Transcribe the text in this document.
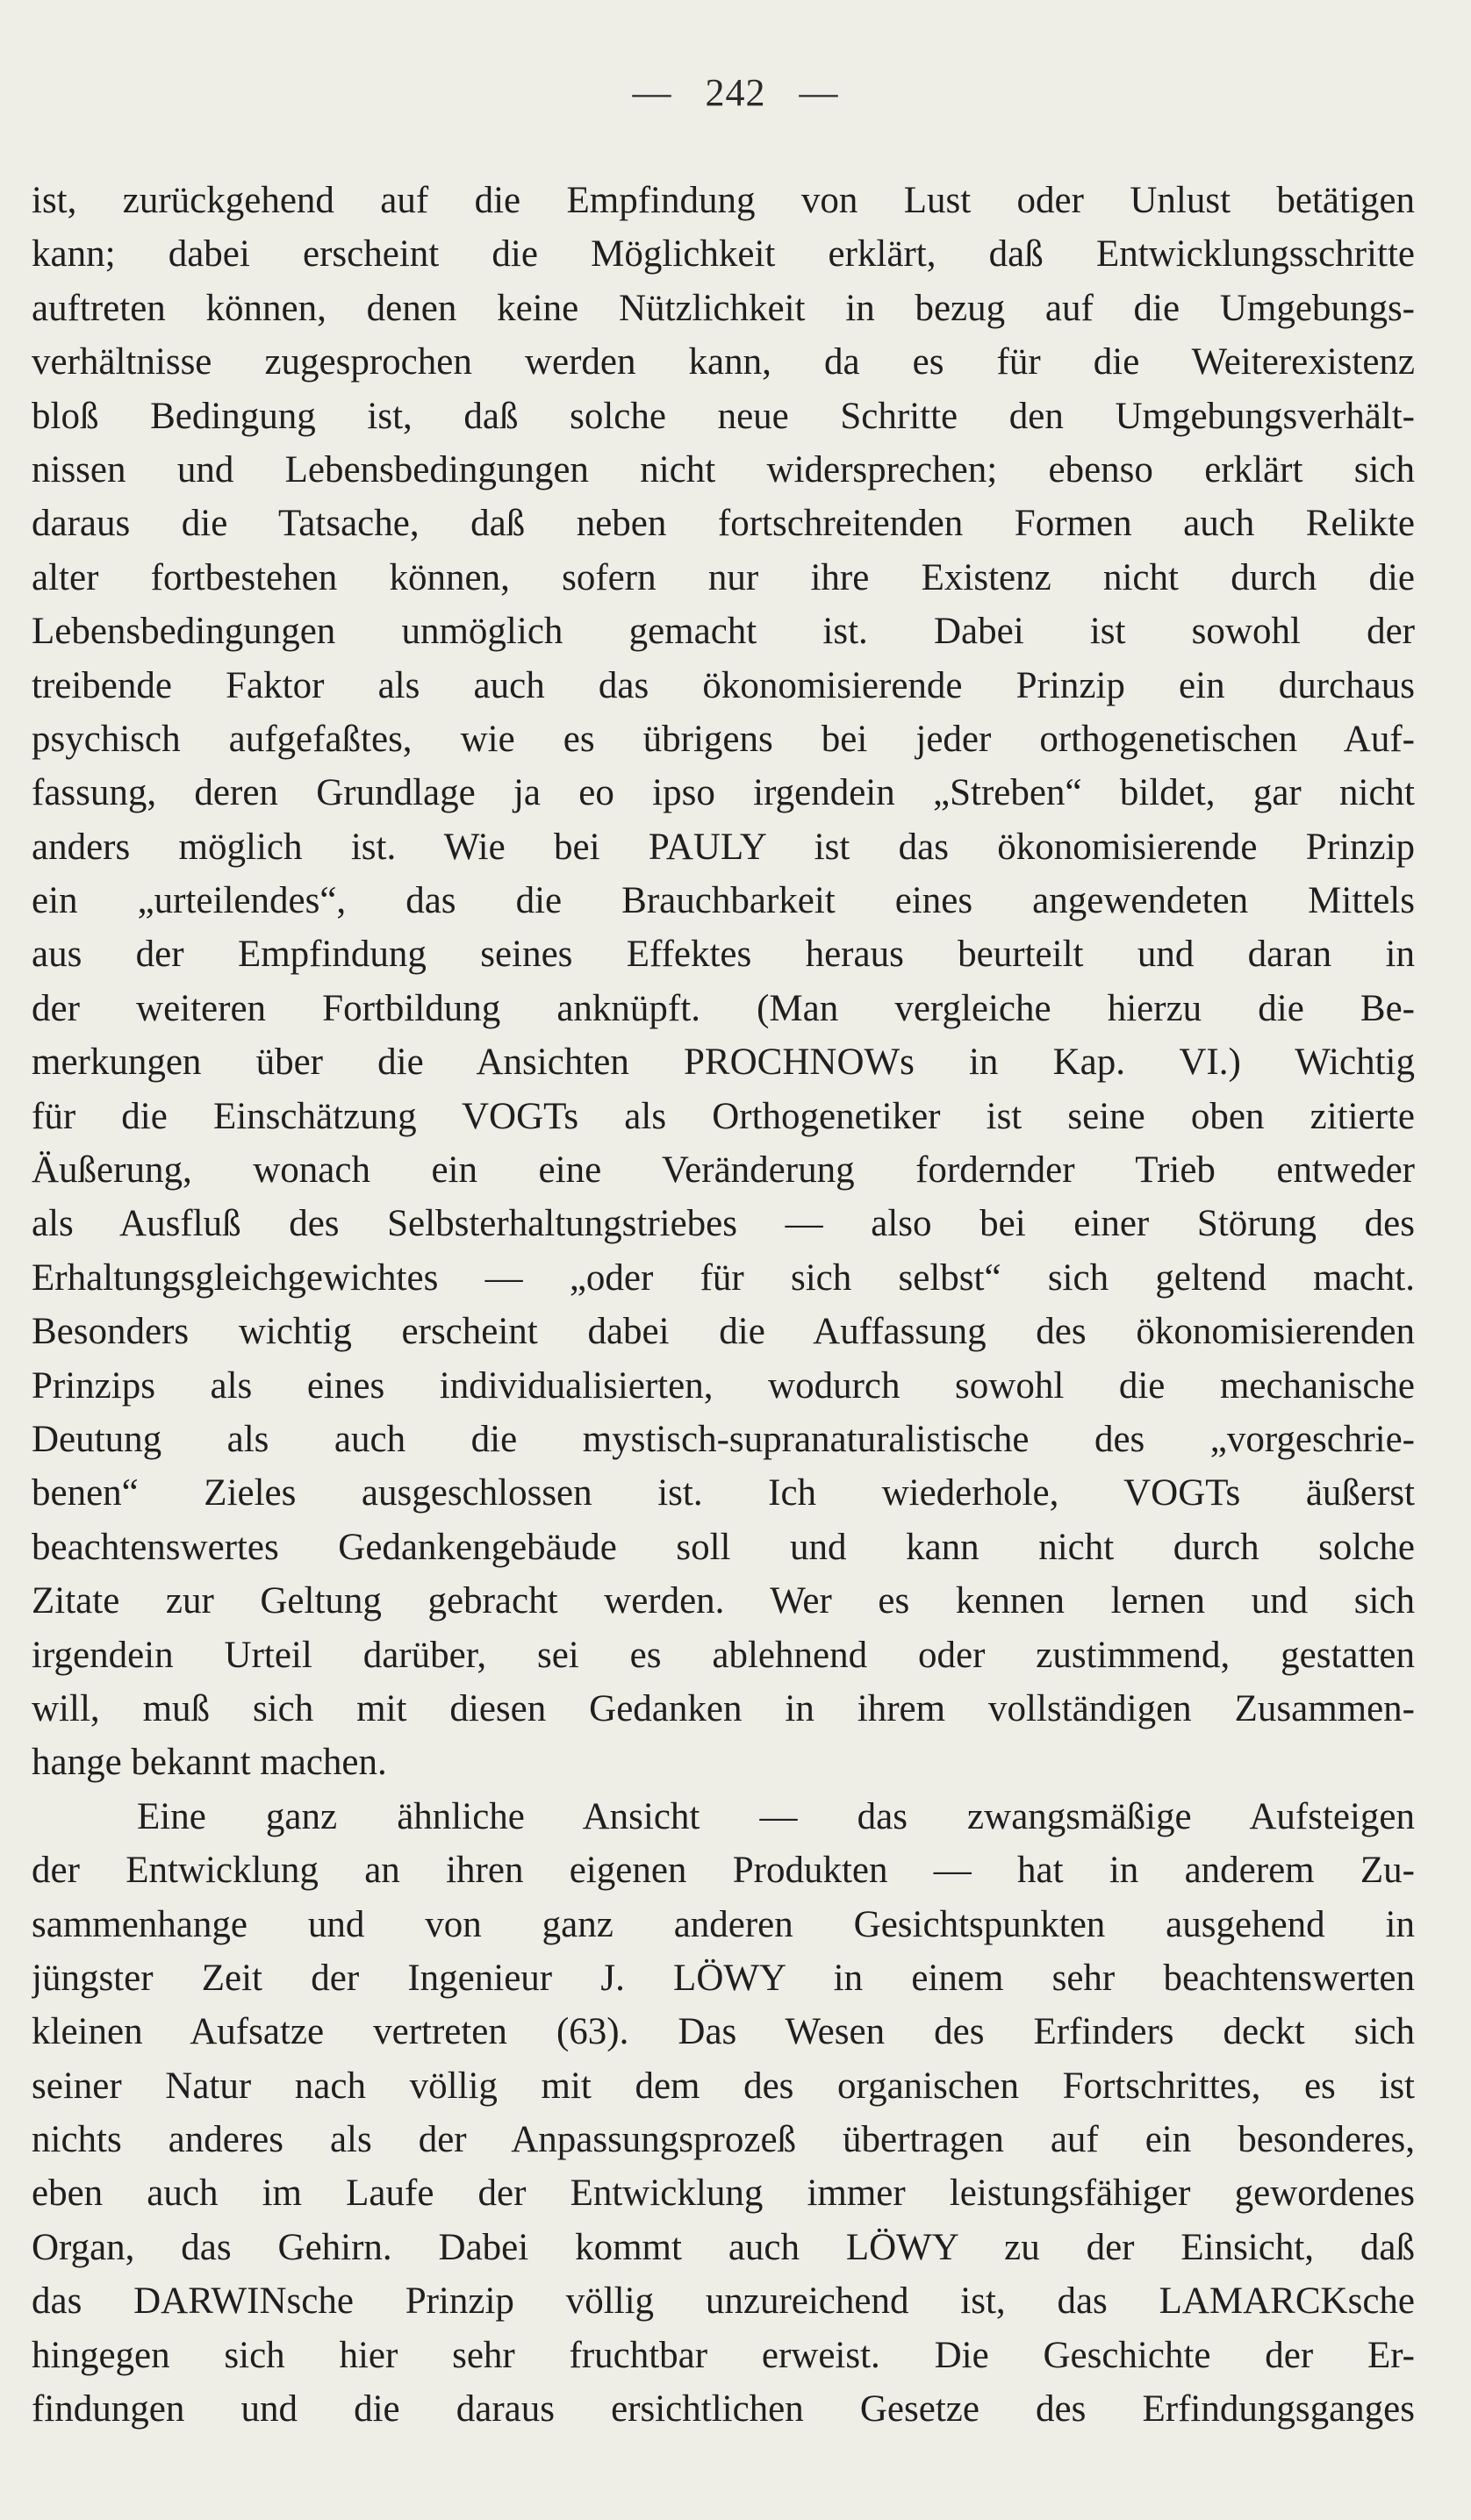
— 242 —
ist, zurückgehend auf die Empfindung von Lust oder Unlust betätigen
kann; dabei erscheint die Möglichkeit erklärt, daß Entwicklungsschritte
auftreten können, denen keine Nützlichkeit in bezug auf die Umgebungs-
verhältnisse zugesprochen werden kann, da es für die Weiterexistenz
bloß Bedingung ist, daß solche neue Schritte den Umgebungsverhält-
nissen und Lebensbedingungen nicht widersprechen; ebenso erklärt sich
daraus die Tatsache, daß neben fortschreitenden Formen auch Relikte
alter fortbestehen können, sofern nur ihre Existenz nicht durch die
Lebensbedingungen unmöglich gemacht ist. Dabei ist sowohl der
treibende Faktor als auch das ökonomisierende Prinzip ein durchaus
psychisch aufgefaßtes, wie es übrigens bei jeder orthogenetischen Auf-
fassung, deren Grundlage ja eo ipso irgendein „Streben“ bildet, gar nicht
anders möglich ist. Wie bei PAULY ist das ökonomisierende Prinzip
ein „urteilendes“, das die Brauchbarkeit eines angewendeten Mittels
aus der Empfindung seines Effektes heraus beurteilt und daran in
der weiteren Fortbildung anknüpft. (Man vergleiche hierzu die Be-
merkungen über die Ansichten PROCHNOWs in Kap. VI.) Wichtig
für die Einschätzung VOGTs als Orthogenetiker ist seine oben zitierte
Äußerung, wonach ein eine Veränderung fordernder Trieb entweder
als Ausfluß des Selbsterhaltungstriebes — also bei einer Störung des
Erhaltungsgleichgewichtes — „oder für sich selbst“ sich geltend macht.
Besonders wichtig erscheint dabei die Auffassung des ökonomisierenden
Prinzips als eines individualisierten, wodurch sowohl die mechanische
Deutung als auch die mystisch-supranaturalistische des „vorgeschrie-
benen“ Zieles ausgeschlossen ist. Ich wiederhole, VOGTs äußerst
beachtenswertes Gedankengebäude soll und kann nicht durch solche
Zitate zur Geltung gebracht werden. Wer es kennen lernen und sich
irgendein Urteil darüber, sei es ablehnend oder zustimmend, gestatten
will, muß sich mit diesen Gedanken in ihrem vollständigen Zusammen-
hange bekannt machen.
Eine ganz ähnliche Ansicht — das zwangsmäßige Aufsteigen
der Entwicklung an ihren eigenen Produkten — hat in anderem Zu-
sammenhange und von ganz anderen Gesichtspunkten ausgehend in
jüngster Zeit der Ingenieur J. LÖWY in einem sehr beachtenswerten
kleinen Aufsatze vertreten (63). Das Wesen des Erfinders deckt sich
seiner Natur nach völlig mit dem des organischen Fortschrittes, es ist
nichts anderes als der Anpassungsprozeß übertragen auf ein besonderes,
eben auch im Laufe der Entwicklung immer leistungsfähiger gewordenes
Organ, das Gehirn. Dabei kommt auch LÖWY zu der Einsicht, daß
das DARWINsche Prinzip völlig unzureichend ist, das LAMARCKsche
hingegen sich hier sehr fruchtbar erweist. Die Geschichte der Er-
findungen und die daraus ersichtlichen Gesetze des Erfindungsganges
